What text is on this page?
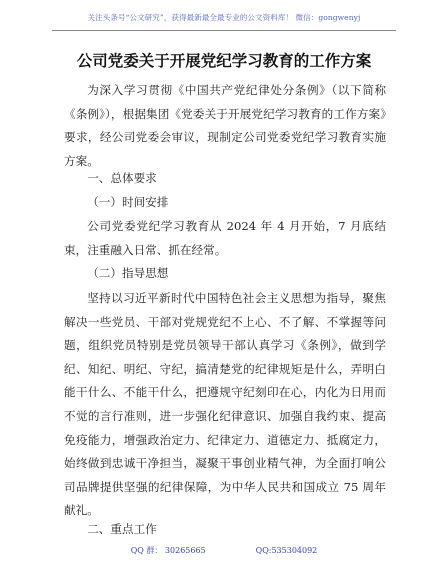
关注头条号“公文研究”，获得最新最全最专业的公文资料库！ 微信：gongwenyj
公司党委关于开展党纪学习教育的工作方案

为深入学习贯彻《中国共产党纪律处分条例》（以下简称《条例》），根据集团《党委关于开展党纪学习教育的工作方案》要求，经公司党委会审议，现制定公司党委党纪学习教育实施方案。

一、总体要求

（一）时间安排

公司党委党纪学习教育从 2024 年 4 月开始，7 月底结束，注重融入日常、抓在经常。

（二）指导思想

坚持以习近平新时代中国特色社会主义思想为指导，聚焦解决一些党员、干部对党规党纪不上心、不了解、不掌握等问题，组织党员特别是党员领导干部认真学习《条例》，做到学纪、知纪、明纪、守纪，搞清楚党的纪律规矩是什么，弄明白能干什么、不能干什么，把遵规守纪刻印在心，内化为日用而不觉的言行准则，进一步强化纪律意识、加强自我约束、提高免疫能力，增强政治定力、纪律定力、道德定力、抵腐定力，始终做到忠诚干净担当，凝聚干事创业精气神，为全面打响公司品牌提供坚强的纪律保障，为中华人民共和国成立 75 周年献礼。

二、重点工作

QQ 群： 30265665	QQ:535304092
